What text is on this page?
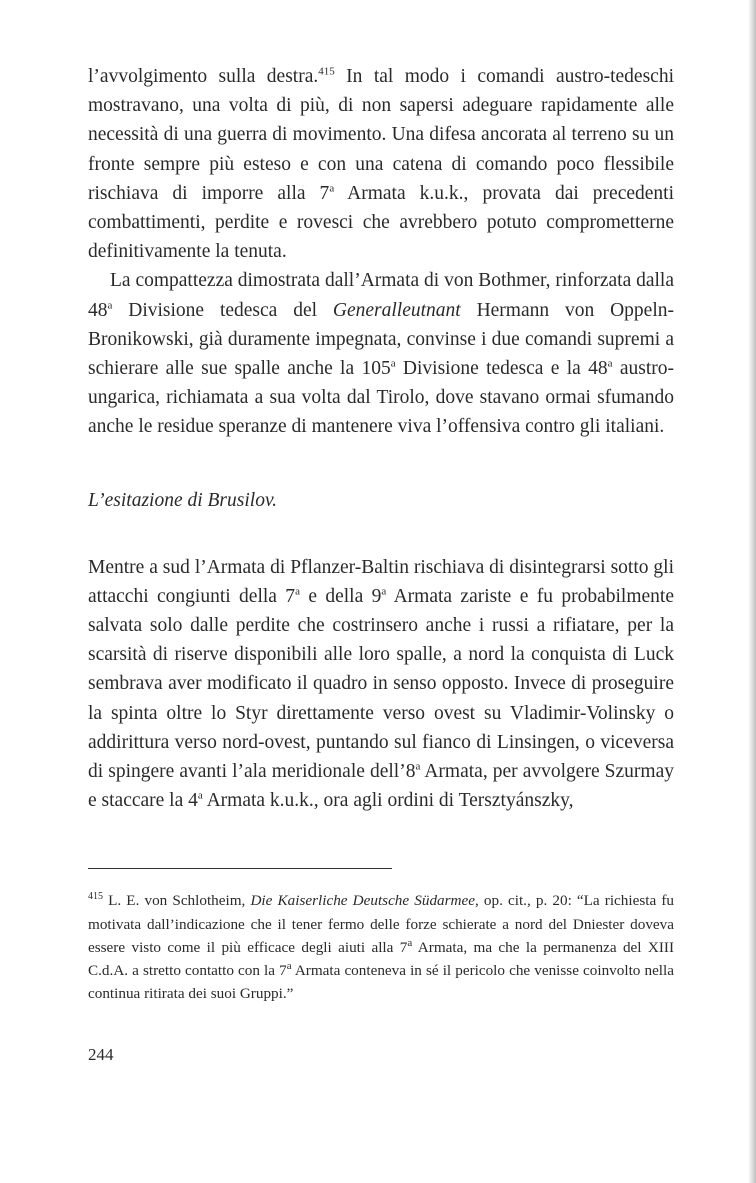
l’avvolgimento sulla destra.$^{415}$ In tal modo i comandi austro-tedeschi mostravano, una volta di più, di non sapersi adeguare rapidamente alle necessità di una guerra di movimento. Una difesa ancorata al terreno su un fronte sempre più esteso e con una catena di comando poco flessibile rischiava di imporre alla 7$^a$ Armata k.u.k., provata dai precedenti combattimenti, perdite e rovesci che avrebbero potuto comprometterne definitivamente la tenuta.

La compattezza dimostrata dall’Armata di von Bothmer, rinforzata dalla 48$^a$ Divisione tedesca del Generalleutnant Hermann von Oppeln-Bronikowski, già duramente impegnata, convinse i due comandi supremi a schierare alle sue spalle anche la 105$^a$ Divisione tedesca e la 48$^a$ austro-ungarica, richiamata a sua volta dal Tirolo, dove stavano ormai sfumando anche le residue speranze di mantenere viva l’offensiva contro gli italiani.

L’esitazione di Brusilov.

Mentre a sud l’Armata di Pflanzer-Baltin rischiava di disintegrarsi sotto gli attacchi congiunti della 7$^a$ e della 9$^a$ Armata zariste e fu probabilmente salvata solo dalle perdite che costrinsero anche i russi a rifiatare, per la scarsità di riserve disponibili alle loro spalle, a nord la conquista di Luck sembrava aver modificato il quadro in senso opposto. Invece di proseguire la spinta oltre lo Styr direttamente verso ovest su Vladimir-Volinsky o addirittura verso nord-ovest, puntando sul fianco di Linsingen, o viceversa di spingere avanti l’ala meridionale dell’8$^a$ Armata, per avvolgere Szurmay e staccare la 4$^a$ Armata k.u.k., ora agli ordini di Tersztyánszky,

$^{415}$ L. E. von Schlotheim, Die Kaiserliche Deutsche Südarmee, op. cit., p. 20: “La richiesta fu motivata dall’indicazione che il tener fermo delle forze schierate a nord del Dniester doveva essere visto come il più efficace degli aiuti alla 7$^a$ Armata, ma che la permanenza del XIII C.d.A. a stretto contatto con la 7$^a$ Armata conteneva in sé il pericolo che venisse coinvolto nella continua ritirata dei suoi Gruppi.”

244
